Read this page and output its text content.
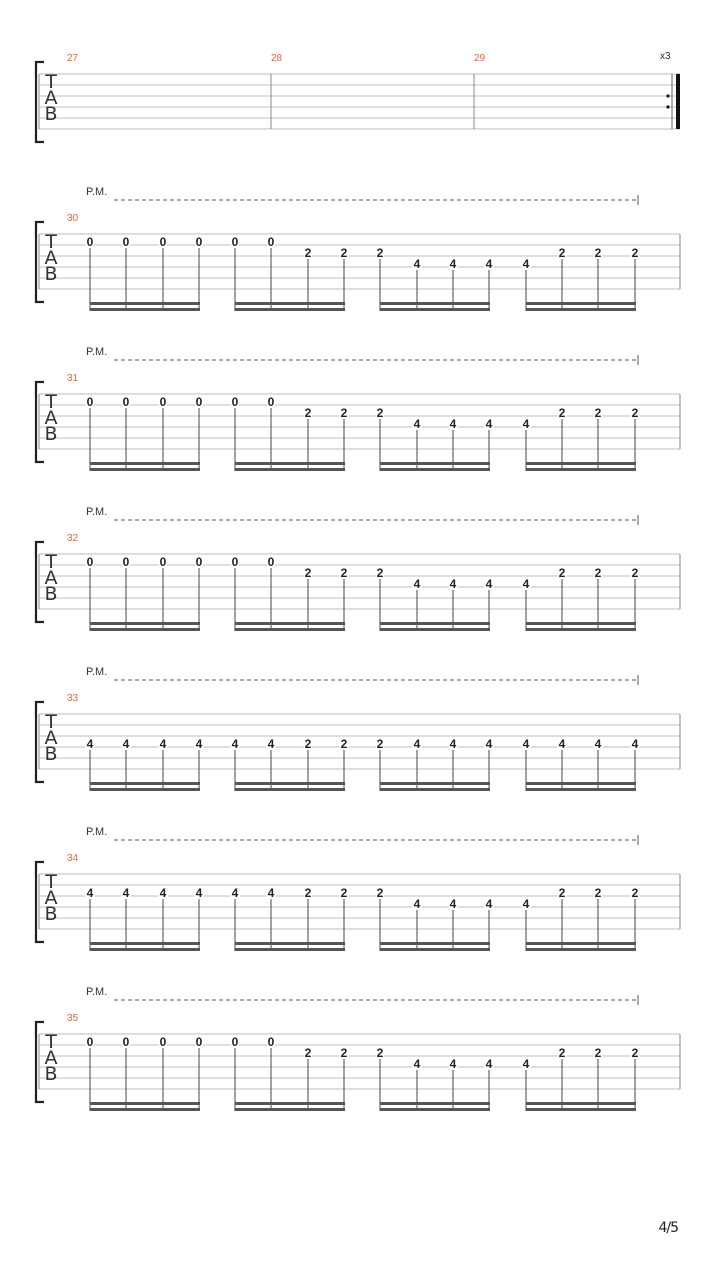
T
A
B
27	28	29	x3
T
A
B
30
P.M.
0 0	0 0 0 0
2 2 2
4 4 4	4
2 2	2
T
A
B
31
P.M.
0 0	0 0 0 0
2 2 2
4 4 4	4
2 2	2
T
A
B
32
P.M.
0 0	0 0 0 0
2 2 2
4 4 4	4
2 2	2
T
A
B
33
P.M.
4 4	4 4 4 4	2 2 2	4 4 4	4 4 4	4
T
A
B
34
P.M.
4 4	4 4 4 4	2 2 2
4 4 4	4
2 2	2
T
A
B
35
P.M.
0 0	0 0 0 0
2 2 2
4 4 4	4
2 2	2
4/5
